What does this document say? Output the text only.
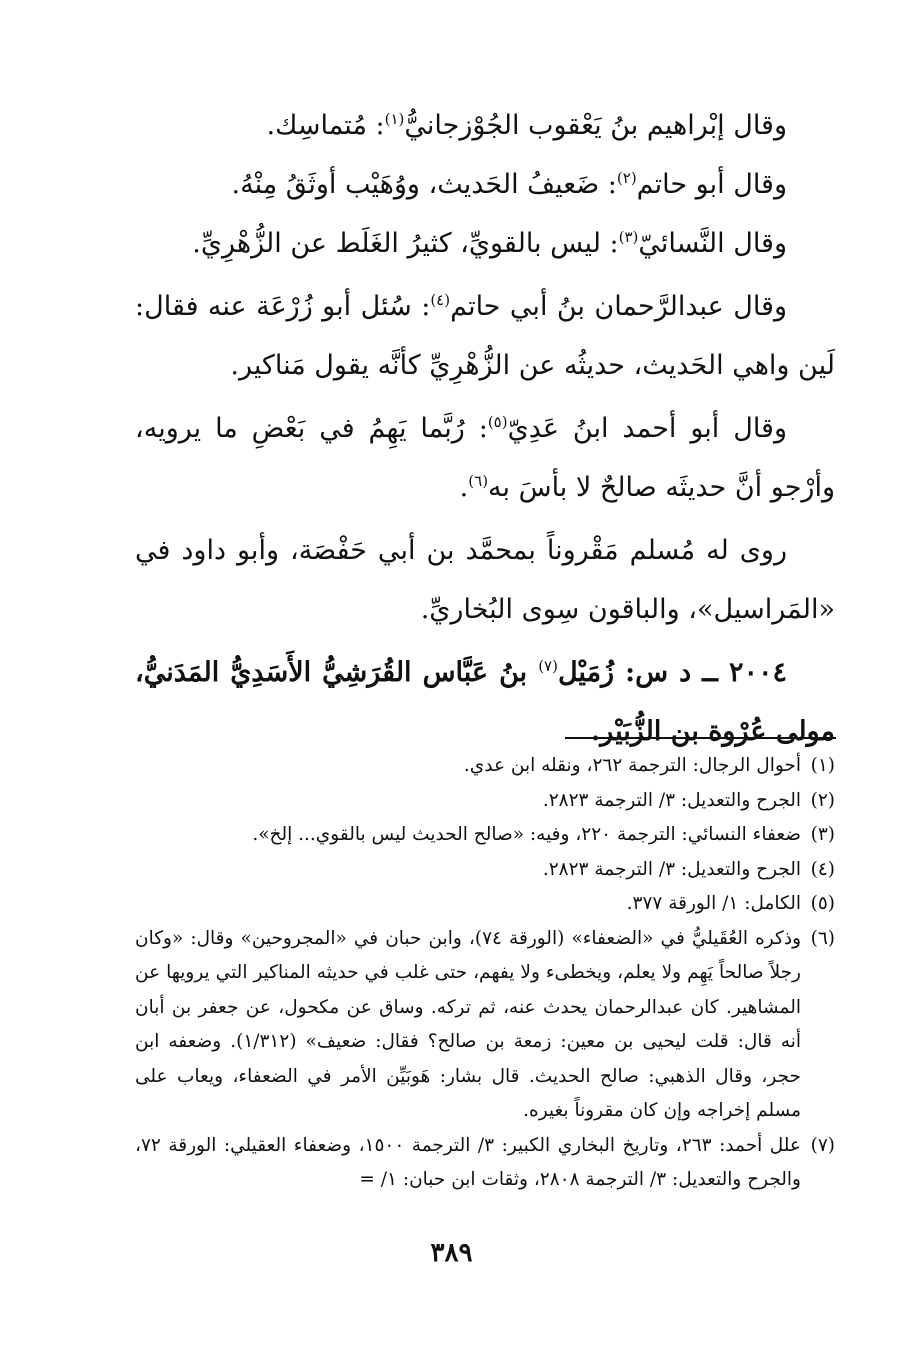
وقال إبْراهيم بنُ يَعْقوب الجُوْزجانيُّ$^{(١)}$: مُتماسِك.

وقال أبو حاتم$^{(٢)}$: ضَعيفُ الحَديث، ووُهَيْب أوثَقُ مِنْهُ.

وقال النَّسائيّ$^{(٣)}$: ليس بالقويِّ، كثيرُ الغَلَط عن الزُّهْرِيِّ.

وقال عبدالرَّحمان بنُ أبي حاتم$^{(٤)}$: سُئل أبو زُرْعَة عنه فقال: لَين واهي الحَديث، حديثُه عن الزُّهْرِيِّ كأنَّه يقول مَناكير.

وقال أبو أحمد ابنُ عَدِيّ$^{(٥)}$: رُبَّما يَهِمُ في بَعْضِ ما يرويه، وأرْجو أنَّ حديثَه صالحٌ لا بأسَ به$^{(٦)}$.

روى له مُسلم مَقْروناً بمحمَّد بن أبي حَفْصَة، وأبو داود في «المَراسيل»، والباقون سِوى البُخاريِّ.

٢٠٠٤ ــ د س: زُمَيْل$^{(٧)}$ بنُ عَبَّاس القُرَشِيُّ الأَسَدِيُّ المَدَنيُّ، مولى عُرْوة بن الزُّبَيْر.

(١)
أحوال الرجال: الترجمة ٢٦٢، ونقله ابن عدي.
(٢)
الجرح والتعديل: ٣/ الترجمة ٢٨٢٣.
(٣)
ضعفاء النسائي: الترجمة ٢٢٠، وفيه: «صالح الحديث ليس بالقوي... إلخ».
(٤)
الجرح والتعديل: ٣/ الترجمة ٢٨٢٣.
(٥)
الكامل: ١/ الورقة ٣٧٧.
(٦)
وذكره العُقَيليُّ في «الضعفاء» (الورقة ٧٤)، وابن حبان في «المجروحين» وقال: «وكان رجلاً صالحاً يَهِم ولا يعلم، ويخطىء ولا يفهم، حتى غلب في حديثه المناكير التي يرويها عن المشاهير. كان عبدالرحمان يحدث عنه، ثم تركه. وساق عن مكحول، عن جعفر بن أبان أنه قال: قلت ليحيى بن معين: زمعة بن صالح؟ فقال: ضعيف» (١/٣١٢). وضعفه ابن حجر، وقال الذهبي: صالح الحديث. قال بشار: هَوبَيِّن الأمر في الضعفاء، ويعاب على مسلم إخراجه وإن كان مقروناً بغيره.
(٧)
علل أحمد: ٢٦٣، وتاريخ البخاري الكبير: ٣/ الترجمة ١٥٠٠، وضعفاء العقيلي: الورقة ٧٢، والجرح والتعديل: ٣/ الترجمة ٢٨٠٨، وثقات ابن حبان: ١/ =
٣٨٩
